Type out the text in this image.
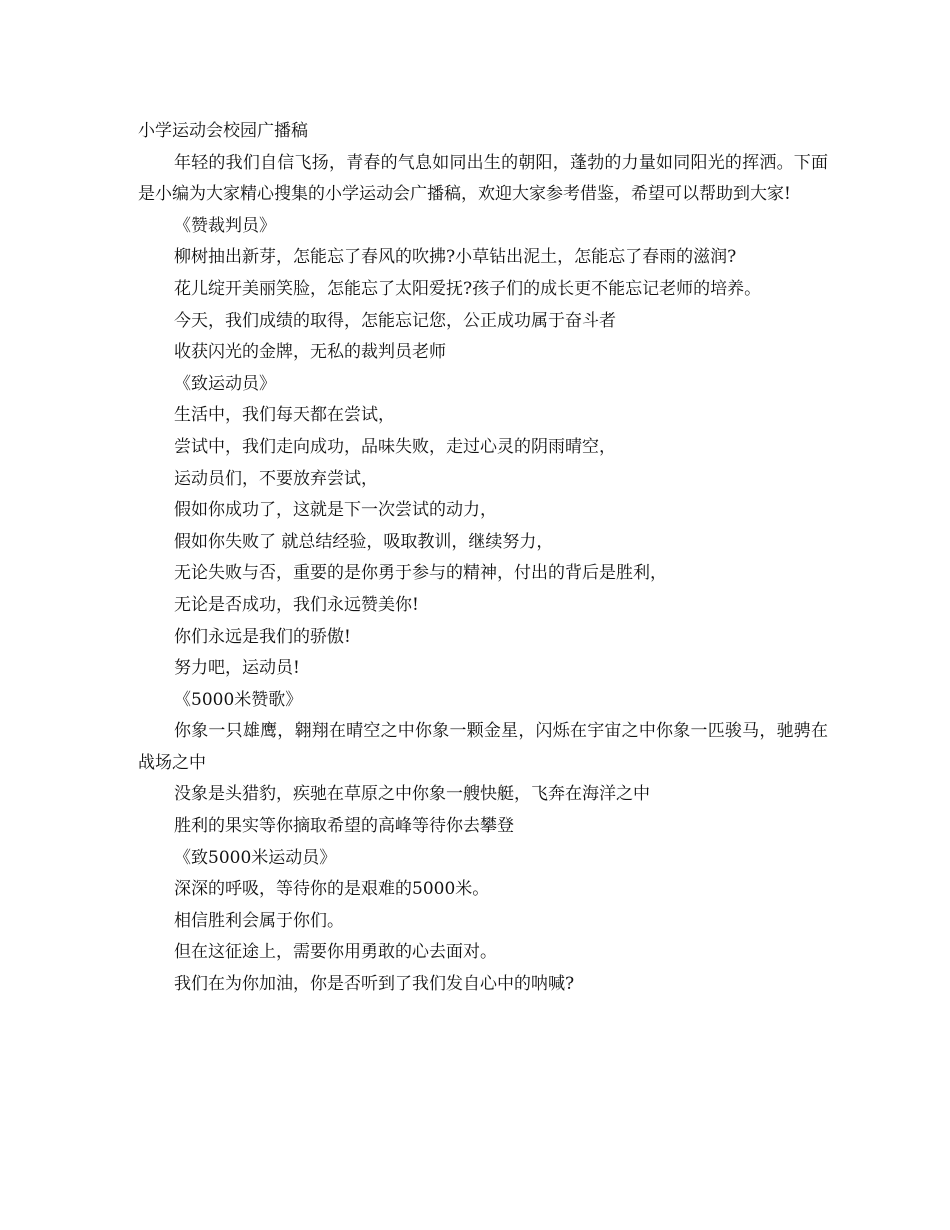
小学运动会校园广播稿

年轻的我们自信飞扬，青春的气息如同出生的朝阳，蓬勃的力量如同阳光的挥洒。下面是小编为大家精心搜集的小学运动会广播稿，欢迎大家参考借鉴，希望可以帮助到大家!

《赞裁判员》

柳树抽出新芽，怎能忘了春风的吹拂?小草钻出泥土，怎能忘了春雨的滋润?

花儿绽开美丽笑脸，怎能忘了太阳爱抚?孩子们的成长更不能忘记老师的培养。

今天，我们成绩的取得，怎能忘记您，公正成功属于奋斗者

收获闪光的金牌，无私的裁判员老师

《致运动员》

生活中，我们每天都在尝试，

尝试中，我们走向成功，品味失败，走过心灵的阴雨晴空，

运动员们，不要放弃尝试，

假如你成功了，这就是下一次尝试的动力，

假如你失败了 就总结经验，吸取教训，继续努力，

无论失败与否，重要的是你勇于参与的精神，付出的背后是胜利，

无论是否成功，我们永远赞美你!

你们永远是我们的骄傲!

努力吧，运动员!

《5000米赞歌》

你象一只雄鹰，翱翔在晴空之中你象一颗金星，闪烁在宇宙之中你象一匹骏马，驰骋在战场之中

没象是头猎豹，疾驰在草原之中你象一艘快艇，飞奔在海洋之中

胜利的果实等你摘取希望的高峰等待你去攀登

《致5000米运动员》

深深的呼吸，等待你的是艰难的5000米。

相信胜利会属于你们。

但在这征途上，需要你用勇敢的心去面对。

我们在为你加油，你是否听到了我们发自心中的呐喊?
